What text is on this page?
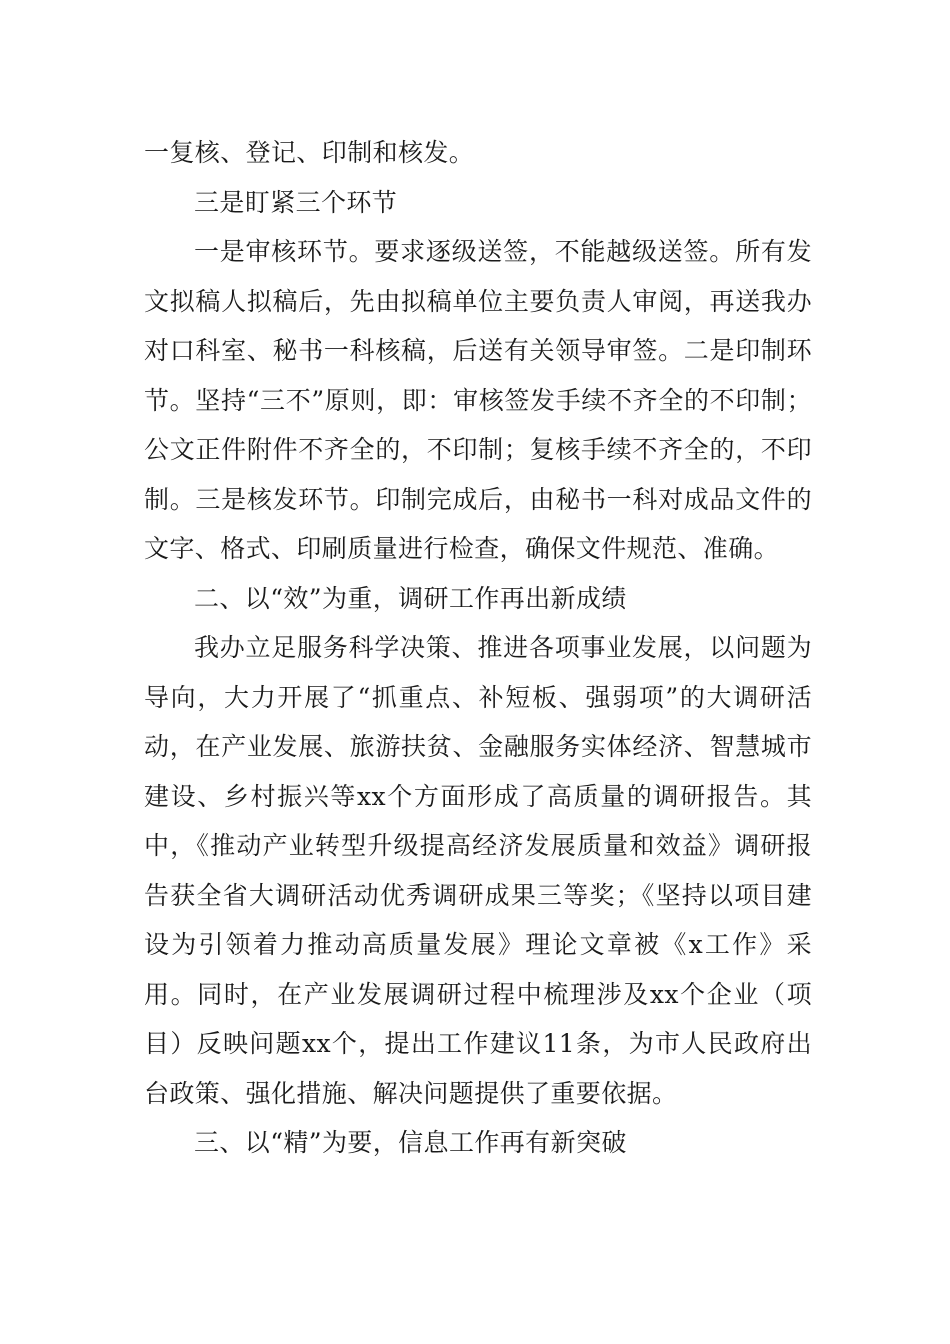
一复核、登记、印制和核发。

三是盯紧三个环节

一是审核环节。要求逐级送签，不能越级送签。所有发文拟稿人拟稿后，先由拟稿单位主要负责人审阅，再送我办对口科室、秘书一科核稿，后送有关领导审签。二是印制环节。坚持“三不”原则，即：审核签发手续不齐全的不印制；公文正件附件不齐全的，不印制；复核手续不齐全的，不印制。三是核发环节。印制完成后，由秘书一科对成品文件的文字、格式、印刷质量进行检查，确保文件规范、准确。

二、以“效”为重，调研工作再出新成绩

我办立足服务科学决策、推进各项事业发展，以问题为导向，大力开展了“抓重点、补短板、强弱项”的大调研活动，在产业发展、旅游扶贫、金融服务实体经济、智慧城市建设、乡村振兴等xx个方面形成了高质量的调研报告。其中，《推动产业转型升级提高经济发展质量和效益》调研报告获全省大调研活动优秀调研成果三等奖；《坚持以项目建设为引领着力推动高质量发展》理论文章被《x工作》采用。同时，在产业发展调研过程中梳理涉及xx个企业（项目）反映问题xx个，提出工作建议11条，为市人民政府出台政策、强化措施、解决问题提供了重要依据。

三、以“精”为要，信息工作再有新突破
